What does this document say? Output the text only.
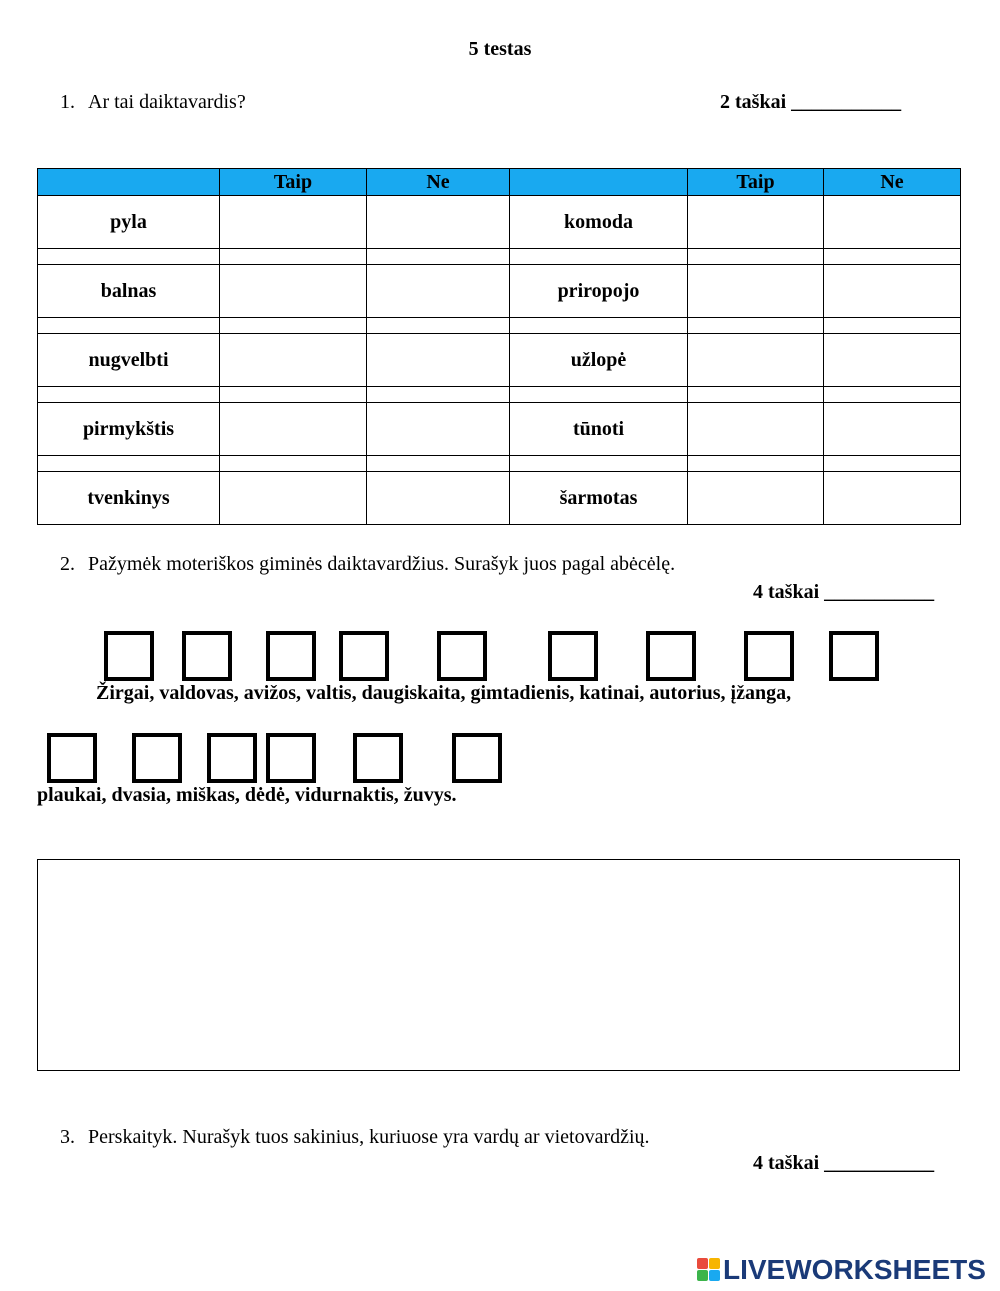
5 testas
1. Ar tai daiktavardis?	2 taškai ___________
	Taip	Ne		Taip	Ne
pyla			komoda		

balnas			priropojo		

nugvelbti			užlopė		

pirmykštis			tūnoti		

tvenkinys			šarmotas		
2. Pažymėk moteriškos giminės daiktavardžius. Surašyk juos pagal abėcėlę.
4 taškai ___________
Žirgai, valdovas, avižos, valtis, daugiskaita, gimtadienis, katinai, autorius, įžanga,
plaukai, dvasia, miškas, dėdė, vidurnaktis, žuvys.
3. Perskaityk. Nurašyk tuos sakinius, kuriuose yra vardų ar vietovardžių.
4 taškai ___________
LIVEWORKSHEETS
